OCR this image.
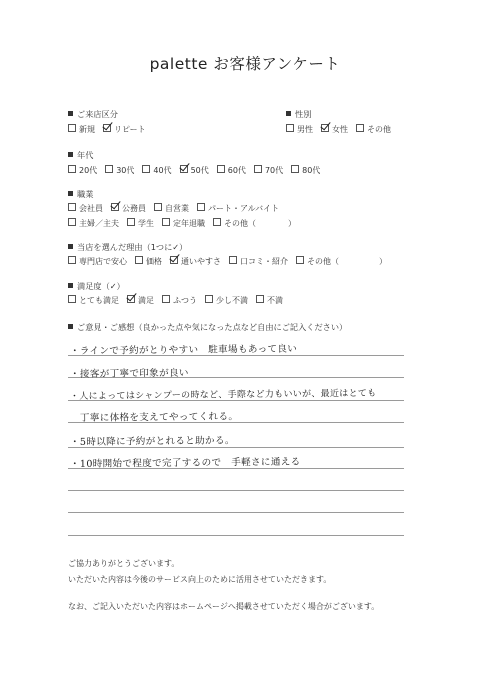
palette お客様アンケート
ご来店区分
新規 リピート
性別
男性 女性 その他
年代
20代 30代 40代 50代 60代 70代 80代
職業
会社員 公務員 自営業 パート・アルバイト
主婦／主夫 学生 定年退職 その他（　　　　）
当店を選んだ理由（1つに✓）
専門店で安心 価格 通いやすさ 口コミ・紹介 その他（　　　　　）
満足度（✓）
とても満足 満足 ふつう 少し不満 不満
ご意見・ご感想（良かった点や気になった点など自由にご記入ください）
・ラインで予約がとりやすい　駐車場もあって良い
・接客が丁寧で印象が良い
・人によってはシャンプーの時など、手際など力もいいが、最近はとても
　丁寧に体格を支えてやってくれる。
・5時以降に予約がとれると助かる。
・10時開始で程度で完了するので　手軽さに通える
ご協力ありがとうございます。
いただいた内容は今後のサービス向上のために活用させていただきます。
なお、ご記入いただいた内容はホームページへ掲載させていただく場合がございます。
